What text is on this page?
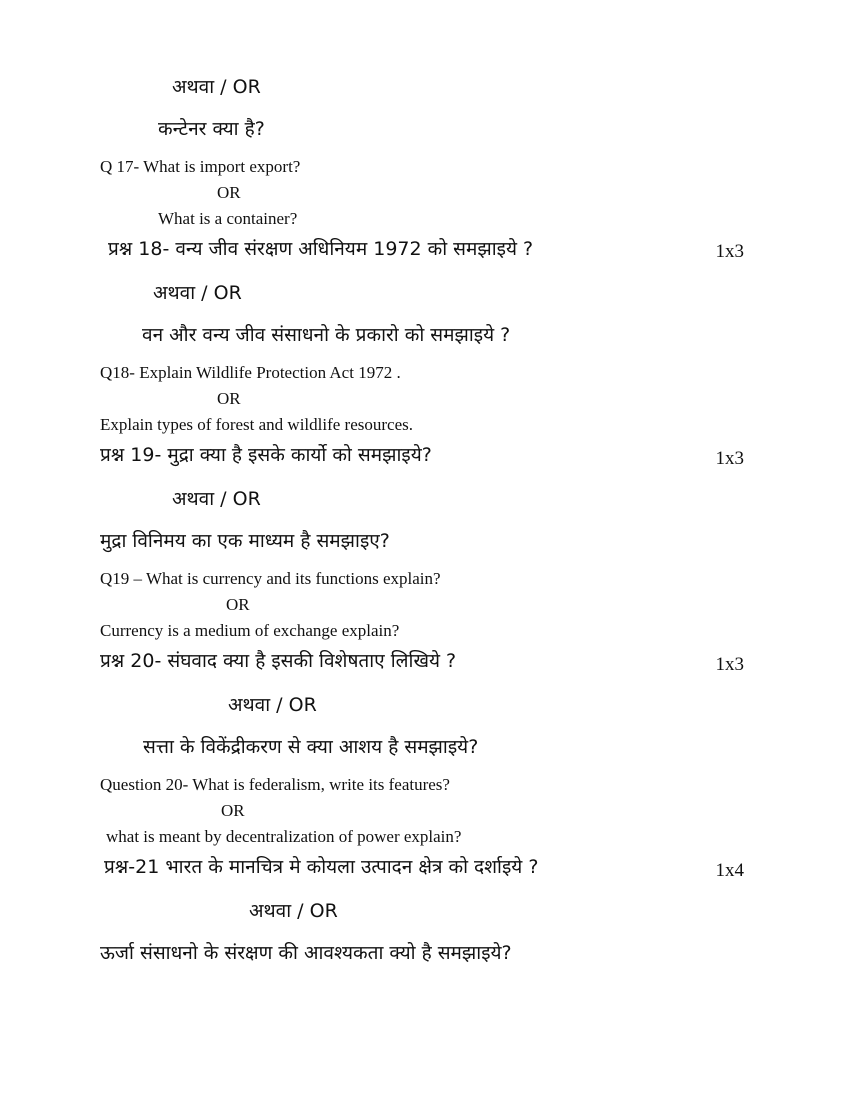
अथवा / OR
कन्टेनर क्या है?
Q 17- What is import export?
OR
What is a container?
प्रश्न 18- वन्य जीव संरक्षण अधिनियम 1972 को समझाइये ?	1x3
अथवा / OR
वन और वन्य जीव संसाधनो के प्रकारो को समझाइये ?
Q18- Explain Wildlife Protection Act 1972 .
OR
Explain types of forest and wildlife resources.
प्रश्न 19- मुद्रा क्या है इसके कार्यो को समझाइये?	1x3
अथवा / OR
मुद्रा विनिमय का एक माध्यम है समझाइए?
Q19 – What is currency and its functions explain?
OR
Currency is a medium of exchange explain?
प्रश्न 20- संघवाद क्या है इसकी विशेषताए लिखिये ?	1x3
अथवा / OR
सत्ता के विकेंद्रीकरण से क्या आशय है समझाइये?
Question 20- What is federalism, write its features?
OR
what is meant by decentralization of power explain?
प्रश्न-21 भारत के मानचित्र मे कोयला उत्पादन क्षेत्र को दर्शाइये ?	1x4
अथवा / OR
ऊर्जा संसाधनो के संरक्षण की आवश्यकता क्यो है समझाइये?
